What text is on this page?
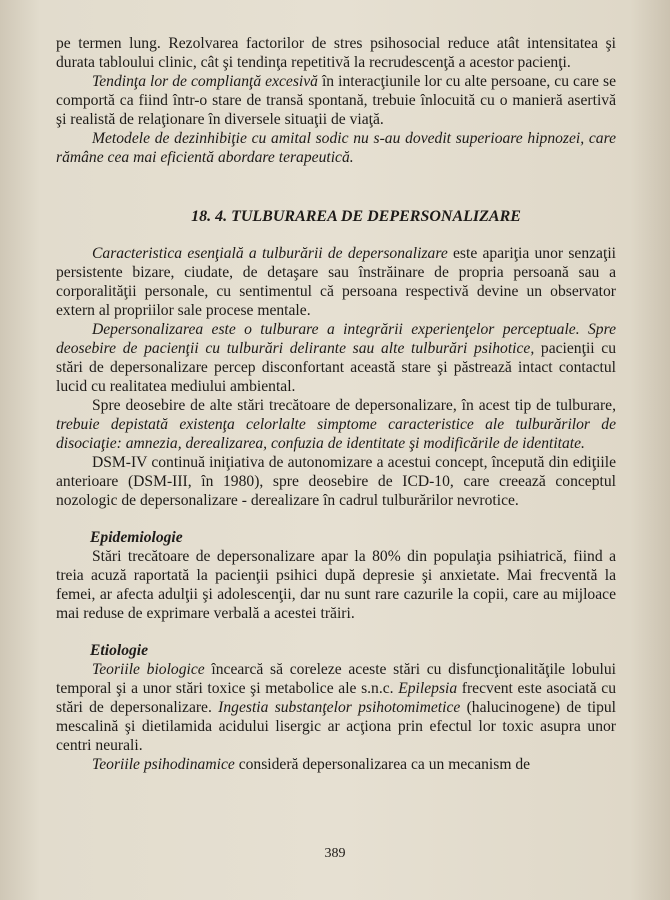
pe termen lung. Rezolvarea factorilor de stres psihosocial reduce atât intensitatea şi durata tabloului clinic, cât şi tendinţa repetitivă la recrudescenţă a acestor pacienţi.

Tendinţa lor de complianţă excesivă în interacţiunile lor cu alte persoane, cu care se comportă ca fiind într-o stare de transă spontană, trebuie înlocuită cu o manieră asertivă şi realistă de relaţionare în diversele situaţii de viaţă.

Metodele de dezinhibiţie cu amital sodic nu s-au dovedit superioare hipnozei, care rămâne cea mai eficientă abordare terapeutică.

18. 4. TULBURAREA DE DEPERSONALIZARE

Caracteristica esenţială a tulburării de depersonalizare este apariţia unor senzaţii persistente bizare, ciudate, de detaşare sau înstrăinare de propria persoană sau a corporalităţii personale, cu sentimentul că persoana respectivă devine un observator extern al propriilor sale procese mentale.

Depersonalizarea este o tulburare a integrării experienţelor perceptuale. Spre deosebire de pacienţii cu tulburări delirante sau alte tulburări psihotice, pacienţii cu stări de depersonalizare percep disconfortant această stare şi păstrează intact contactul lucid cu realitatea mediului ambiental.

Spre deosebire de alte stări trecătoare de depersonalizare, în acest tip de tulburare, trebuie depistată existenţa celorlalte simptome caracteristice ale tulburărilor de disociaţie: amnezia, derealizarea, confuzia de identitate şi modificările de identitate.

DSM-IV continuă iniţiativa de autonomizare a acestui concept, începută din ediţiile anterioare (DSM-III, în 1980), spre deosebire de ICD-10, care creează conceptul nozologic de depersonalizare - derealizare în cadrul tulburărilor nevrotice.

Epidemiologie

Stări trecătoare de depersonalizare apar la 80% din populaţia psihiatrică, fiind a treia acuză raportată la pacienţii psihici după depresie şi anxietate. Mai frecventă la femei, ar afecta adulţii şi adolescenţii, dar nu sunt rare cazurile la copii, care au mijloace mai reduse de exprimare verbală a acestei trăiri.

Etiologie

Teoriile biologice încearcă să coreleze aceste stări cu disfuncţionalităţile lobului temporal şi a unor stări toxice şi metabolice ale s.n.c. Epilepsia frecvent este asociată cu stări de depersonalizare. Ingestia substanţelor psihotomimetice (halucinogene) de tipul mescalină şi dietilamida acidului lisergic ar acţiona prin efectul lor toxic asupra unor centri neurali.

Teoriile psihodinamice consideră depersonalizarea ca un mecanism de

389
